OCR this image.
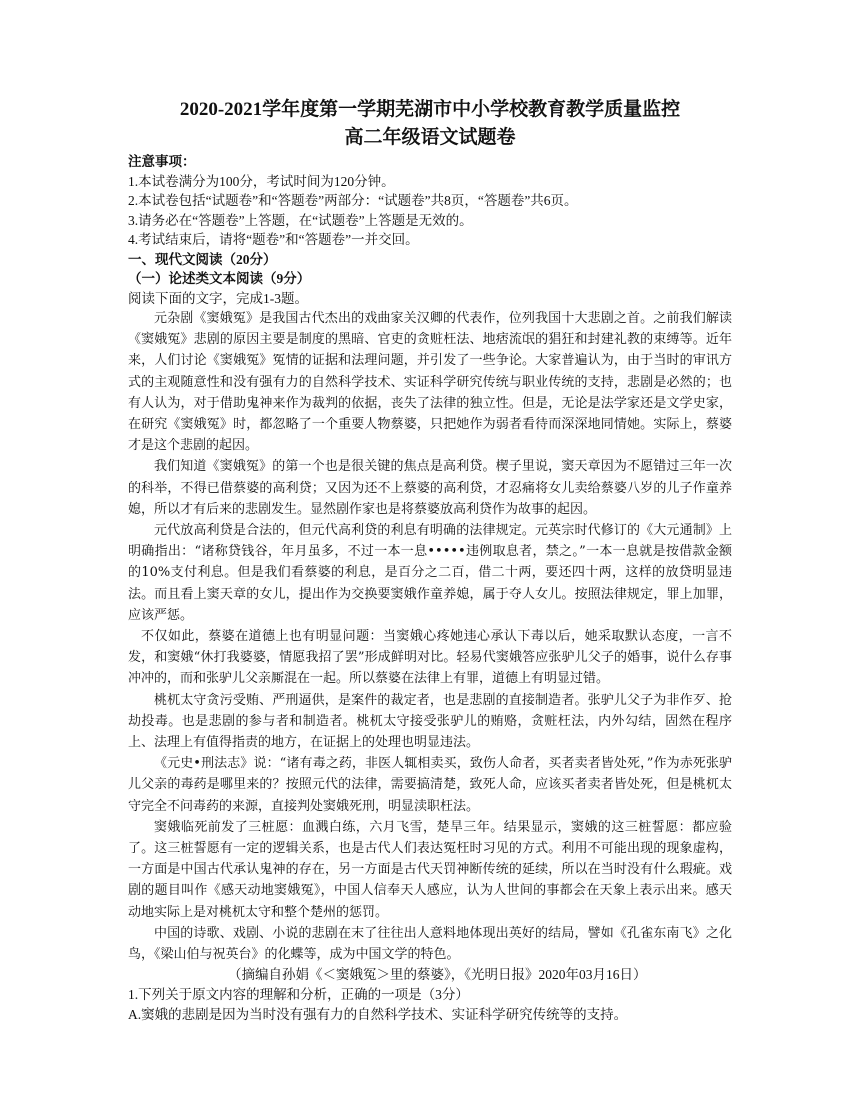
2020-2021学年度第一学期芜湖市中小学校教育教学质量监控
高二年级语文试题卷
注意事项：
1.本试卷满分为100分，考试时间为120分钟。
2.本试卷包括“试题卷”和“答题卷”两部分：“试题卷”共8页，“答题卷”共6页。
3.请务必在“答题卷”上答题，在“试题卷”上答题是无效的。
4.考试结束后，请将“题卷”和“答题卷”一并交回。
一、现代文阅读（20分）
（一）论述类文本阅读（9分）
阅读下面的文字，完成1-3题。

元杂剧《窦娥冤》是我国古代杰出的戏曲家关汉卿的代表作，位列我国十大悲剧之首。之前我们解读《窦娥冤》悲剧的原因主要是制度的黑暗、官吏的贪赃枉法、地痞流氓的猖狂和封建礼教的束缚等。近年来，人们讨论《窦娥冤》冤情的证据和法理问题，并引发了一些争论。大家普遍认为，由于当时的审讯方式的主观随意性和没有强有力的自然科学技术、实证科学研究传统与职业传统的支持，悲剧是必然的；也有人认为，对于借助鬼神来作为裁判的依据，丧失了法律的独立性。但是，无论是法学家还是文学史家，在研究《窦娥冤》时，都忽略了一个重要人物蔡婆，只把她作为弱者看待而深深地同情她。实际上，蔡婆才是这个悲剧的起因。

我们知道《窦娥冤》的第一个也是很关键的焦点是高利贷。楔子里说，窦天章因为不愿错过三年一次的科举，不得已借蔡婆的高利贷；又因为还不上蔡婆的高利贷，才忍痛将女儿卖给蔡婆八岁的儿子作童养媳，所以才有后来的悲剧发生。显然剧作家也是将蔡婆放高利贷作为故事的起因。

元代放高利贷是合法的，但元代高利贷的利息有明确的法律规定。元英宗时代修订的《大元通制》上明确指出：“诸称贷钱谷，年月虽多，不过一本一息•••••违例取息者，禁之。”一本一息就是按借款金额的10%支付利息。但是我们看蔡婆的利息，是百分之二百，借二十两，要还四十两，这样的放贷明显违法。而且看上窦天章的女儿，提出作为交换要窦娥作童养媳，属于夺人女儿。按照法律规定，罪上加罪，应该严惩。

不仅如此，蔡婆在道德上也有明显问题：当窦娥心疼她违心承认下毒以后，她采取默认态度，一言不发，和窦娥“休打我婆婆，情愿我招了罢”形成鲜明对比。轻易代窦娥答应张驴儿父子的婚事，说什么存事冲冲的，而和张驴儿父亲厮混在一起。所以蔡婆在法律上有罪，道德上有明显过错。

桃杌太守贪污受贿、严刑逼供，是案件的裁定者，也是悲剧的直接制造者。张驴儿父子为非作歹、抢劫投毒。也是悲剧的参与者和制造者。桃杌太守接受张驴儿的贿赂，贪赃枉法，内外勾结，固然在程序上、法理上有值得指责的地方，在证据上的处理也明显违法。

《元史•刑法志》说：“诸有毒之药，非医人辄相卖买，致伤人命者，买者卖者皆处死，”作为赤死张驴儿父亲的毒药是哪里来的？按照元代的法律，需要搞清楚，致死人命，应该买者卖者皆处死，但是桃杌太守完全不问毒药的来源，直接判处窦娥死刑，明显渎职枉法。

窦娥临死前发了三桩愿：血溅白练，六月飞雪，楚旱三年。结果显示，窦娥的这三桩誓愿：都应验了。这三桩誓愿有一定的逻辑关系，也是古代人们表达冤枉时习见的方式。利用不可能出现的现象虚构，一方面是中国古代承认鬼神的存在，另一方面是古代天罚神断传统的延续，所以在当时没有什么瑕疵。戏剧的题目叫作《感天动地窦娥冤》，中国人信奉天人感应，认为人世间的事都会在天象上表示出来。感天动地实际上是对桃杌太守和整个楚州的惩罚。

中国的诗歌、戏剧、小说的悲剧在末了往往出人意料地体现出英好的结局，譬如《孔雀东南飞》之化鸟，《梁山伯与祝英台》的化蝶等，成为中国文学的特色。

（摘编自孙娟《＜窦娥冤＞里的蔡婆》，《光明日报》2020年03月16日）
1.下列关于原文内容的理解和分析，正确的一项是（3分）
A.窦娥的悲剧是因为当时没有强有力的自然科学技术、实证科学研究传统等的支持。
